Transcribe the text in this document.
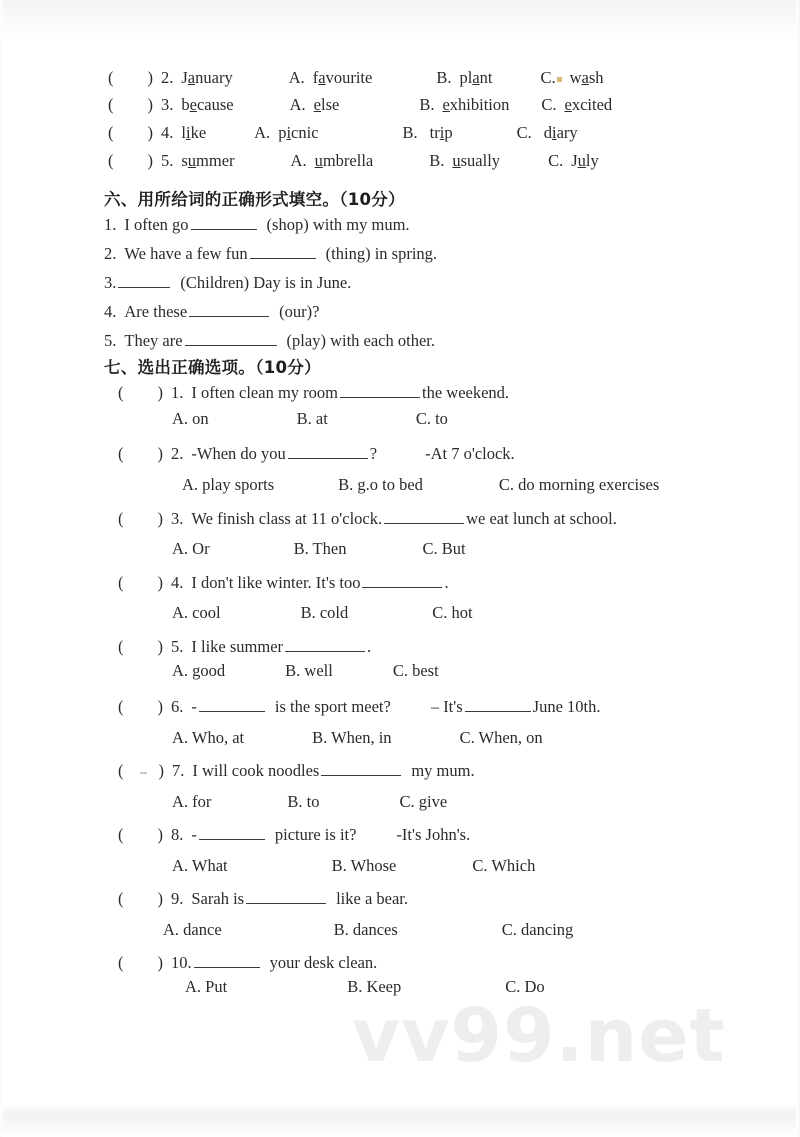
( ) 2. January	A. favourite	B. plant	C. wash
( ) 3. because	A. else	B. exhibition C. excited
( ) 4. like	A. picnic	B. trip	C. diary
( ) 5. summer	A. umbrella	B. usually	C. July
六、用所给词的正确形式填空。（10分）
1. I often go	(shop) with my mum.
2. We have a few fun	(thing) in spring.
3.	(Children) Day is in June.
4. Are these	(our)?
5. They are	(play) with each other.
七、选出正确选项。（10分）
( ) 1. I often clean my room	the weekend.
A. on	B. at	C. to
( ) 2. -When do you	?	-At 7 o'clock.
A. play sports	B. g.o to bed	C. do morning exercises
( ) 3. We finish class at 11 o'clock.	we eat lunch at school.
A. Or	B. Then	C. But
( ) 4. I don't like winter. It's too	.
A. cool	B. cold	C. hot
( ) 5. I like summer	.
A. good	B. well	C. best
( ) 6. -	is the sport meet? – It's	June 10th.
A. Who, at	B. When, in	C. When, on
( ) 7. I will cook noodles	my mum.
A. for	B. to	C. give
( ) 8. -	picture is it? -It's John's.
A. What	B. Whose	C. Which
( ) 9. Sarah is	like a bear.
A. dance	B. dances	C. dancing
( ) 10.	your desk clean.
A. Put	B. Keep	C. Do
vv99.net
